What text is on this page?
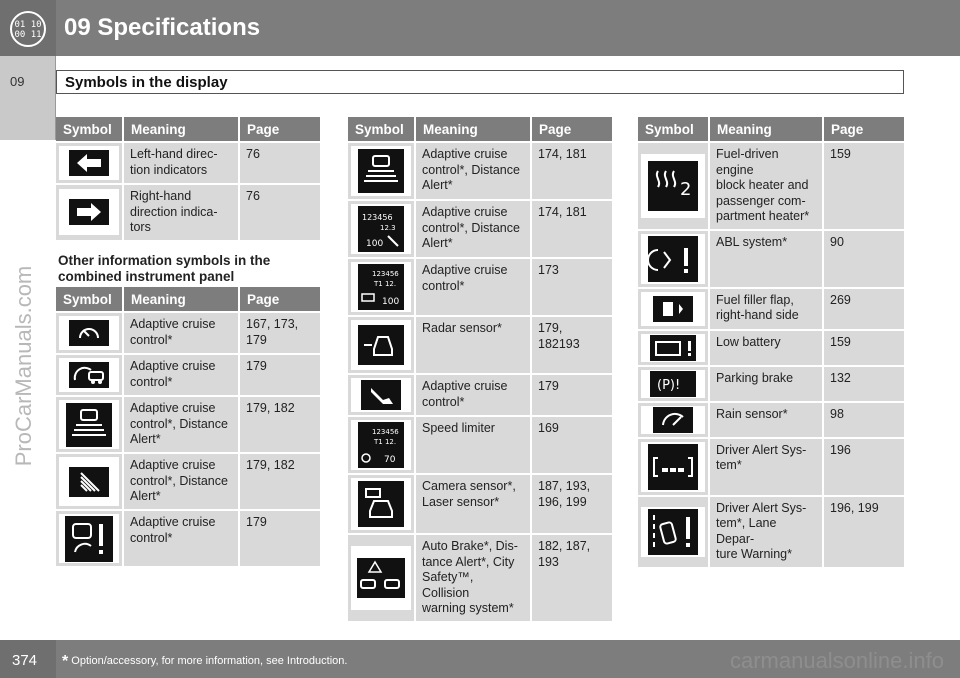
01 10
00 11 09 Specifications
09	Symbols in the display
ProCarManuals.com
Symbol	Meaning	Page

	Left-hand direc-
tion indicators	76

	Right-hand
direction indica-
tors	76
Other information symbols in the combined instrument panel
Symbol	Meaning	Page

	Adaptive cruise
control*	167, 173,
179

	Adaptive cruise
control*	179

	Adaptive cruise
control*, Distance
Alert*	179, 182

	Adaptive cruise
control*, Distance
Alert*	179, 182

	Adaptive cruise
control*	179
Symbol	Meaning	Page

	Adaptive cruise
control*, Distance
Alert*	174, 181

123456
12.3
100	Adaptive cruise
control*, Distance
Alert*	174, 181

123456
T1 12.
100	Adaptive cruise
control*	173

	Radar sensor*	179,
182193

	Adaptive cruise
control*	179

123456
T1 12.
70	Speed limiter	169

	Camera sensor*,
Laser sensor*	187, 193,
196, 199

	Auto Brake*, Dis-
tance Alert*, City
Safety™, Collision
warning system*	182, 187,
193
Symbol	Meaning	Page

2	Fuel-driven engine
block heater and
passenger com-
partment heater*	159

	ABL system*	90

	Fuel filler flap,
right-hand side	269

	Low battery	159

(P)!	Parking brake	132

	Rain sensor*	98

	Driver Alert Sys-
tem*	196

	Driver Alert Sys-
tem*, Lane Depar-
ture Warning*	196, 199
374 * Option/accessory, for more information, see Introduction.	carmanualsonline.info
